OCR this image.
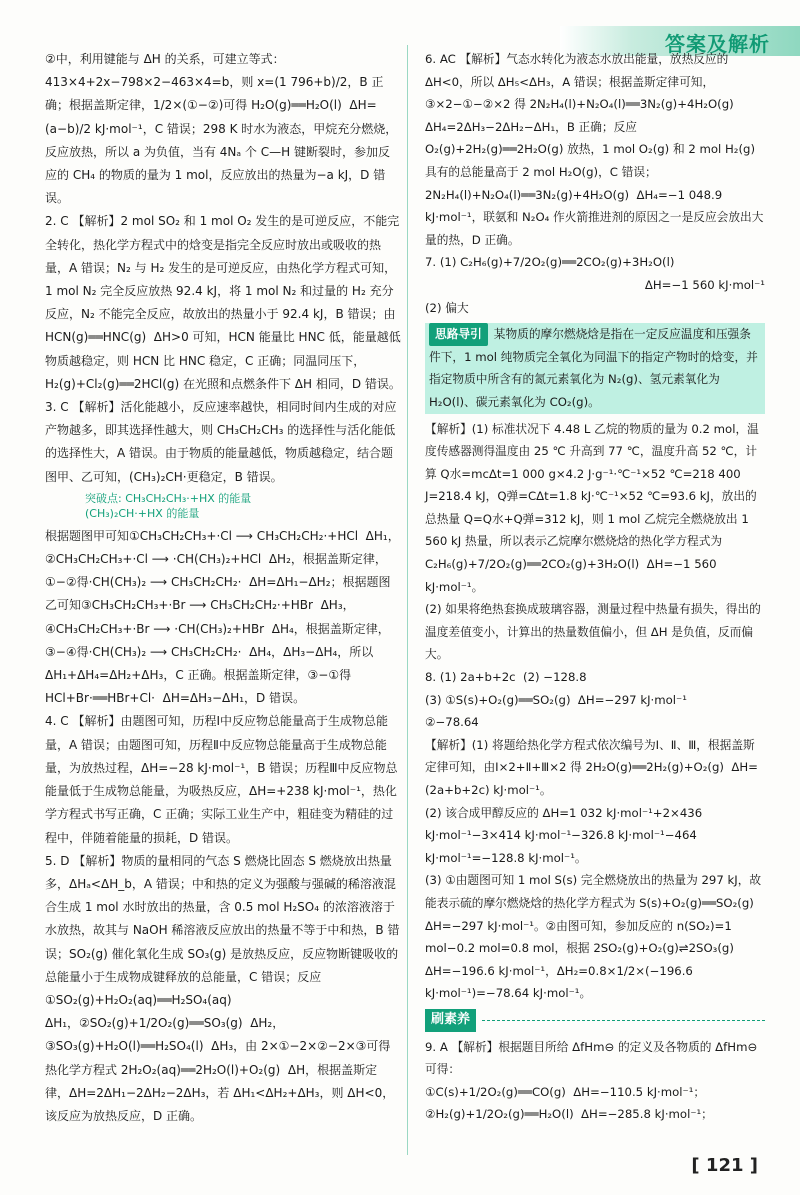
答案及解析

②中，利用键能与 ΔH 的关系，可建立等式：413×4+2x−798×2−463×4=b，则 x=(1 796+b)/2，B 正确；根据盖斯定律，1/2×(①−②)可得 H₂O(g)══H₂O(l)  ΔH=(a−b)/2 kJ·mol⁻¹，C 错误；298 K 时水为液态，甲烷充分燃烧，反应放热，所以 a 为负值，当有 4Nₐ 个 C—H 键断裂时，参加反应的 CH₄ 的物质的量为 1 mol，反应放出的热量为−a kJ，D 错误。

2. C 【解析】2 mol SO₂ 和 1 mol O₂ 发生的是可逆反应，不能完全转化，热化学方程式中的焓变是指完全反应时放出或吸收的热量，A 错误；N₂ 与 H₂ 发生的是可逆反应，由热化学方程式可知，1 mol N₂ 完全反应放热 92.4 kJ，将 1 mol N₂ 和过量的 H₂ 充分反应，N₂ 不能完全反应，故放出的热量小于 92.4 kJ，B 错误；由 HCN(g)══HNC(g)  ΔH>0 可知，HCN 能量比 HNC 低，能量越低物质越稳定，则 HCN 比 HNC 稳定，C 正确；同温同压下，H₂(g)+Cl₂(g)══2HCl(g) 在光照和点燃条件下 ΔH 相同，D 错误。

3. C 【解析】活化能越小，反应速率越快，相同时间内生成的对应产物越多，即其选择性越大，则 CH₃CH₂CH₃ 的选择性与活化能低的选择性大，A 错误。由于物质的能量越低，物质越稳定，结合题图甲、乙可知，(CH₃)₂CH·更稳定，B 错误。

突破点: CH₃CH₂CH₃·+HX 的能量
(CH₃)₂CH·+HX 的能量

根据题图甲可知①CH₃CH₂CH₃+·Cl ⟶ CH₃CH₂CH₂·+HCl  ΔH₁，②CH₃CH₂CH₃+·Cl ⟶ ·CH(CH₃)₂+HCl  ΔH₂，根据盖斯定律，①−②得·CH(CH₃)₂ ⟶ CH₃CH₂CH₂·  ΔH=ΔH₁−ΔH₂；根据题图乙可知③CH₃CH₂CH₃+·Br ⟶ CH₃CH₂CH₂·+HBr  ΔH₃，④CH₃CH₂CH₃+·Br ⟶ ·CH(CH₃)₂+HBr  ΔH₄，根据盖斯定律，③−④得·CH(CH₃)₂ ⟶ CH₃CH₂CH₂·  ΔH₄，ΔH₃−ΔH₄，所以 ΔH₁+ΔH₄=ΔH₂+ΔH₃，C 正确。根据盖斯定律，③−①得 HCl+Br·══HBr+Cl·  ΔH=ΔH₃−ΔH₁，D 错误。

4. C 【解析】由题图可知，历程Ⅰ中反应物总能量高于生成物总能量，A 错误；由题图可知，历程Ⅱ中反应物总能量高于生成物总能量，为放热过程，ΔH=−28 kJ·mol⁻¹，B 错误；历程Ⅲ中反应物总能量低于生成物总能量，为吸热反应，ΔH=+238 kJ·mol⁻¹，热化学方程式书写正确，C 正确；实际工业生产中，粗硅变为精硅的过程中，伴随着能量的损耗，D 错误。

5. D 【解析】物质的量相同的气态 S 燃烧比固态 S 燃烧放出热量多，ΔHₐ<ΔH_b，A 错误；中和热的定义为强酸与强碱的稀溶液混合生成 1 mol 水时放出的热量，含 0.5 mol H₂SO₄ 的浓溶液溶于水放热，故其与 NaOH 稀溶液反应放出的热量不等于中和热，B 错误；SO₂(g) 催化氧化生成 SO₃(g) 是放热反应，反应物断键吸收的总能量小于生成物成键释放的总能量，C 错误；反应①SO₂(g)+H₂O₂(aq)══H₂SO₄(aq)

ΔH₁，②SO₂(g)+1/2O₂(g)══SO₃(g)  ΔH₂，③SO₃(g)+H₂O(l)══H₂SO₄(l)  ΔH₃，由 2×①−2×②−2×③可得热化学方程式 2H₂O₂(aq)══2H₂O(l)+O₂(g)  ΔH，根据盖斯定律，ΔH=2ΔH₁−2ΔH₂−2ΔH₃，若 ΔH₁<ΔH₂+ΔH₃，则 ΔH<0，该反应为放热反应，D 正确。

6. AC 【解析】气态水转化为液态水放出能量，放热反应的 ΔH<0，所以 ΔH₅<ΔH₃，A 错误；根据盖斯定律可知，③×2−①−②×2 得 2N₂H₄(l)+N₂O₄(l)══3N₂(g)+4H₂O(g)  ΔH₄=2ΔH₃−2ΔH₂−ΔH₁，B 正确；反应 O₂(g)+2H₂(g)══2H₂O(g) 放热，1 mol O₂(g) 和 2 mol H₂(g) 具有的总能量高于 2 mol H₂O(g)，C 错误；2N₂H₄(l)+N₂O₄(l)══3N₂(g)+4H₂O(g)  ΔH₄=−1 048.9 kJ·mol⁻¹，联氨和 N₂O₄ 作火箭推进剂的原因之一是反应会放出大量的热，D 正确。

7. (1) C₂H₆(g)+7/2O₂(g)══2CO₂(g)+3H₂O(l)

ΔH=−1 560 kJ·mol⁻¹

(2) 偏大

思路导引 某物质的摩尔燃烧焓是指在一定反应温度和压强条件下，1 mol 纯物质完全氧化为同温下的指定产物时的焓变，并指定物质中所含有的氮元素氧化为 N₂(g)、氢元素氧化为 H₂O(l)、碳元素氧化为 CO₂(g)。

【解析】(1) 标准状况下 4.48 L 乙烷的物质的量为 0.2 mol，温度传感器测得温度由 25 ℃ 升高到 77 ℃，温度升高 52 ℃，计算 Q水=mcΔt=1 000 g×4.2 J·g⁻¹·℃⁻¹×52 ℃=218 400 J=218.4 kJ，Q弹=CΔt=1.8 kJ·℃⁻¹×52 ℃=93.6 kJ，放出的总热量 Q=Q水+Q弹=312 kJ，则 1 mol 乙烷完全燃烧放出 1 560 kJ 热量，所以表示乙烷摩尔燃烧焓的热化学方程式为 C₂H₆(g)+7/2O₂(g)══2CO₂(g)+3H₂O(l)  ΔH=−1 560 kJ·mol⁻¹。

(2) 如果将绝热套换成玻璃容器，测量过程中热量有损失，得出的温度差值变小，计算出的热量数值偏小，但 ΔH 是负值，反而偏大。

8. (1) 2a+b+2c  (2) −128.8

(3) ①S(s)+O₂(g)══SO₂(g)  ΔH=−297 kJ·mol⁻¹

②−78.64

【解析】(1) 将题给热化学方程式依次编号为Ⅰ、Ⅱ、Ⅲ，根据盖斯定律可知，由Ⅰ×2+Ⅱ+Ⅲ×2 得 2H₂O(g)══2H₂(g)+O₂(g)  ΔH=(2a+b+2c) kJ·mol⁻¹。

(2) 该合成甲醇反应的 ΔH=1 032 kJ·mol⁻¹+2×436 kJ·mol⁻¹−3×414 kJ·mol⁻¹−326.8 kJ·mol⁻¹−464 kJ·mol⁻¹=−128.8 kJ·mol⁻¹。

(3) ①由题图可知 1 mol S(s) 完全燃烧放出的热量为 297 kJ，故能表示硫的摩尔燃烧焓的热化学方程式为 S(s)+O₂(g)══SO₂(g)  ΔH=−297 kJ·mol⁻¹。②由图可知，参加反应的 n(SO₂)=1 mol−0.2 mol=0.8 mol，根据 2SO₂(g)+O₂(g)⇌2SO₃(g)  ΔH=−196.6 kJ·mol⁻¹，ΔH₂=0.8×1/2×(−196.6 kJ·mol⁻¹)=−78.64 kJ·mol⁻¹。

刷素养

9. A 【解析】根据题目所给 ΔfHm⊖ 的定义及各物质的 ΔfHm⊖ 可得：

①C(s)+1/2O₂(g)══CO(g)  ΔH=−110.5 kJ·mol⁻¹；

②H₂(g)+1/2O₂(g)══H₂O(l)  ΔH=−285.8 kJ·mol⁻¹；

[ 121 ]
